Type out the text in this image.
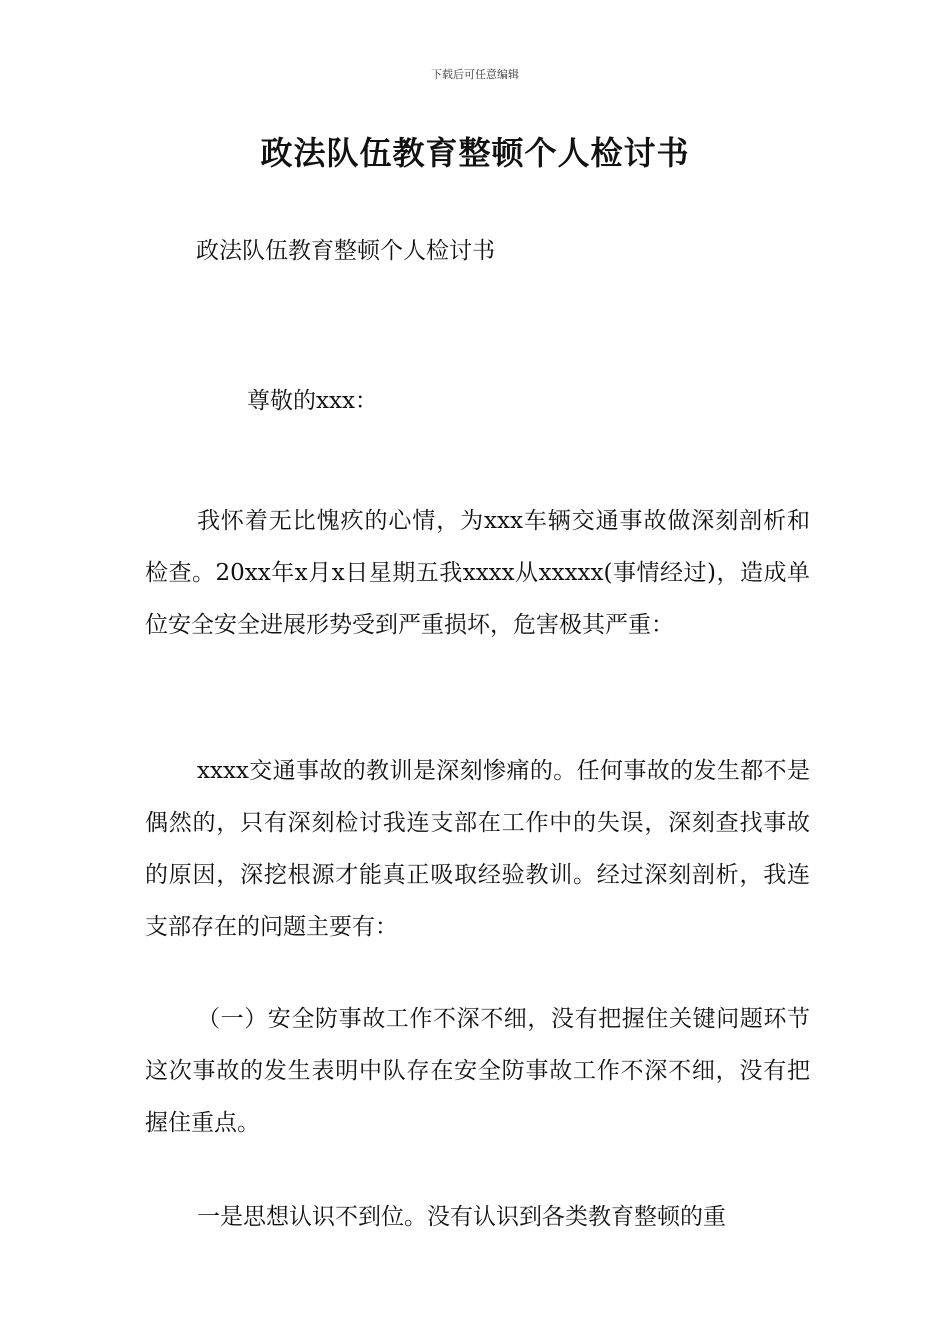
下载后可任意编辑
政法队伍教育整顿个人检讨书
政法队伍教育整顿个人检讨书
尊敬的xxx：

我怀着无比愧疚的心情，为xxx车辆交通事故做深刻剖析和检查。20xx年x月x日星期五我xxxx从xxxxx(事情经过)，造成单位安全安全进展形势受到严重损坏，危害极其严重：

xxxx交通事故的教训是深刻惨痛的。任何事故的发生都不是偶然的，只有深刻检讨我连支部在工作中的失误，深刻查找事故的原因，深挖根源才能真正吸取经验教训。经过深刻剖析，我连支部存在的问题主要有：

（一）安全防事故工作不深不细，没有把握住关键问题环节这次事故的发生表明中队存在安全防事故工作不深不细，没有把握住重点。

一是思想认识不到位。没有认识到各类教育整顿的重
